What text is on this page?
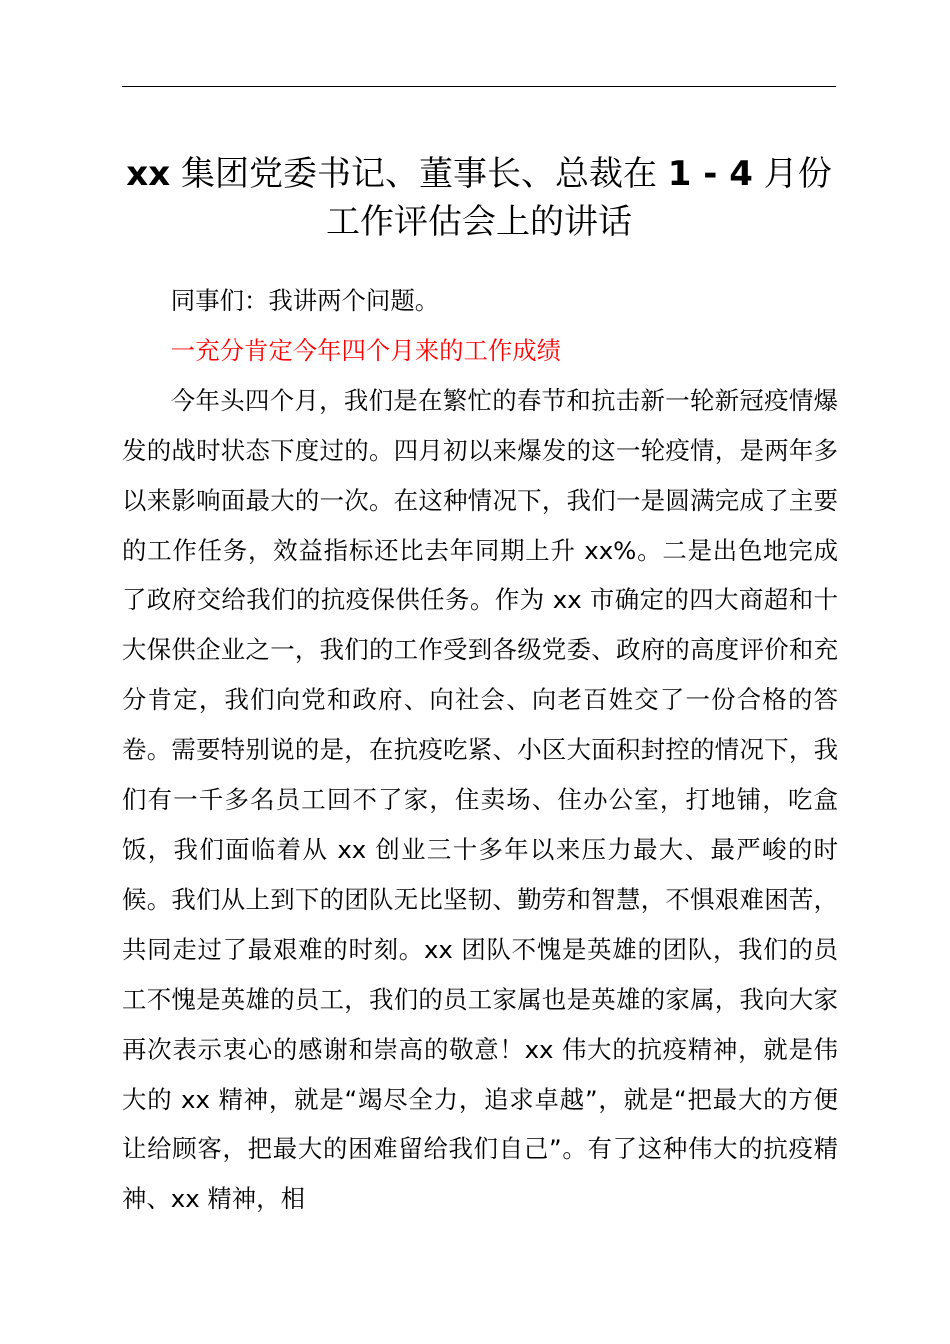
xx 集团党委书记、董事长、总裁在 1 - 4 月份
工作评估会上的讲话

同事们：我讲两个问题。

一充分肯定今年四个月来的工作成绩

今年头四个月，我们是在繁忙的春节和抗击新一轮新冠疫情爆发的战时状态下度过的。四月初以来爆发的这一轮疫情，是两年多以来影响面最大的一次。在这种情况下，我们一是圆满完成了主要的工作任务，效益指标还比去年同期上升 xx%。二是出色地完成了政府交给我们的抗疫保供任务。作为 xx 市确定的四大商超和十大保供企业之一，我们的工作受到各级党委、政府的高度评价和充分肯定，我们向党和政府、向社会、向老百姓交了一份合格的答卷。需要特别说的是，在抗疫吃紧、小区大面积封控的情况下，我们有一千多名员工回不了家，住卖场、住办公室，打地铺，吃盒饭，我们面临着从 xx 创业三十多年以来压力最大、最严峻的时候。我们从上到下的团队无比坚韧、勤劳和智慧，不惧艰难困苦，共同走过了最艰难的时刻。xx 团队不愧是英雄的团队，我们的员工不愧是英雄的员工，我们的员工家属也是英雄的家属，我向大家再次表示衷心的感谢和崇高的敬意！xx 伟大的抗疫精神，就是伟大的 xx 精神，就是“竭尽全力，追求卓越”，就是“把最大的方便让给顾客，把最大的困难留给我们自己”。有了这种伟大的抗疫精神、xx 精神，相
